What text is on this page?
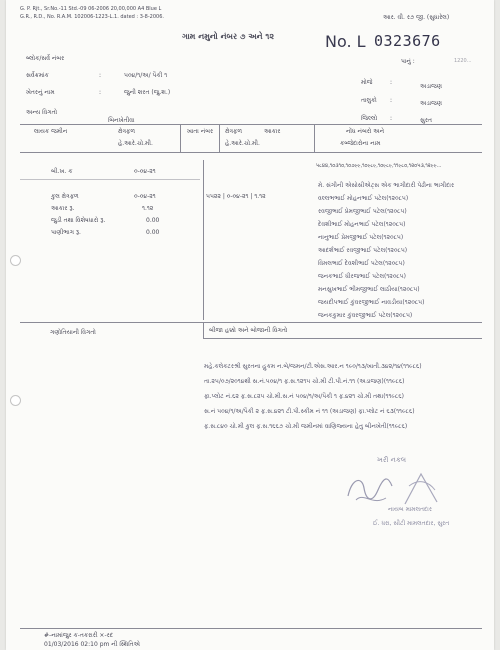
G. P. Rjt., Sr.No.-11 Std.-09 06-2006 20,00,000 A4 Blue L
G.R., R.D., No. R.A.M. 102006-1223-L.1. dated : 3-8-2006.	આર. વી. ર૭ જી. (સુધારેલ)
ગામ નમુનો નંબર ૭ અને ૧૨	No. L 0323676
બ્લોક/સર્વે નંબર	પાનું :	1220...
સર્વેક્રમાંક	:	૫૦૪/૧/અ/ પૈકી ૧
મોજે	:
અડાજણ
ખેતરનું નામ	:	જુની શરત (જુ.શ.)
તાલુકો :	અડાજણ
અન્ય વિગતો
જિલ્લો :	સુરત
લાયક જમીન
બિનખેતીવા
ક્ષેત્રફળ
હે.આરે.ચો.મી.
ખાતા નંબર ક્ષેત્રફળ	આકાર
હે.આરે.ચો.મી.
નોંધ નંબરો અને
કબ્જેદારોના નામ
બી.ખ. ક	૦-૦૪-૨૧
કુલ ક્ષેત્રફળ	૦-૦૪-૨૧
આકાર રૂ.	૧.૧૨
જુડી તથા વિશેષધારો રૂ.	0.00
પાણીભાગ રૂ.	0.00
૫૫૨૨ | ૦-૦૪-૨૧ | ૧.૧૨
૫૮૪૪,૧૦૩૧૦,૧૦૭૯૯,૧૦૯૮૯,૧૦૯૮૯,૧૧૯૮૦,૧૨૦૫૩,૧૨૯૯...
મે. સંગીની એસોસીએટ્સ એક ભાગીદારી પેઢીના ભાગીદાર
વલ્લભભાઈ મોહનભાઈ પટેલ(૧૨૦૮૫)
રવજીભાઈ પ્રેમજીભાઈ પટેલ(૧૨૦૮૫)
દેવશીભાઈ મોહનભાઈ પટેલ(૧૨૦૮૫)
નાનુભાઈ પ્રેમજીભાઈ પટેલ(૧૨૦૮૫)
આદર્શભાઈ રવજીભાઈ પટેલ(૧૨૦૮૫)
વિમલભાઈ દેવશીભાઈ પટેલ(૧૨૦૮૫)
જનકભાઈ ધીરજભાઈ પટેલ(૧૨૦૮૫)
મનસુખભાઈ ભીમજીભાઈ લાઠીયા(૧૨૦૮૫)
જયદીપભાઈ કુંવરજીભાઈ નાવડીયા(૧૨૦૮૫)
જનકકુમાર કુંવરજીભાઈ પટેલ(૧૨૦૮૫)
ગણોતિયાની વિગતો	બીજા હક્કો અને બોજાની વિગતો
મહે.કલેકટરશ્રી સુરતના હુકમ ન.બે/જમન/ટી.એસ.આર.ન ૧૯૦/૧૩/ખાતી.૩૪૨/૧૪(૧૧૯૮૬)
તા.૨૫/૦૭/૨૦૧૪થી સ.નં.૫૦૪/૧ ફ.સ.૧૨૧૫ ચો.મી ટી.પી.નં.૧૧ (અડાજણ)(૧૧૯૮૬)
ફા.પ્લોટ નં.૬૨ ફ.સ.૮૨૫ ચો.મી.સ.નં ૫૦૪/૧/અ/પૈકી ૧ ફ.૪૨૧ ચો.મી તથા(૧૧૯૮૬)
સ.નં ૫૦૪/૧/અ/પૈકી ૨ ફ.સ.૪૨૧ ટી.પી.સ્કીમ નં ૧૧ (અડાજણ) ફા.પ્લોટ નં ૬૩(૧૧૯૮૬)
ફ.સ.૮૪૦ ચો.મી કુલ ફ.સ.૧૬૬૭ ચો.મી જમીનમાં વાણિજ્યના હેતુ બીનખેતી(૧૧૯૮૬)
ખરી નકલ
નાયબ મામલતદાર
ઈ. ધરા, સીટી મામલતદાર, સુરત
#-નામાંજુર ક-તકરારી ×-રદ
01/03/2016 02:10 pm ની સ્થિતિએ
